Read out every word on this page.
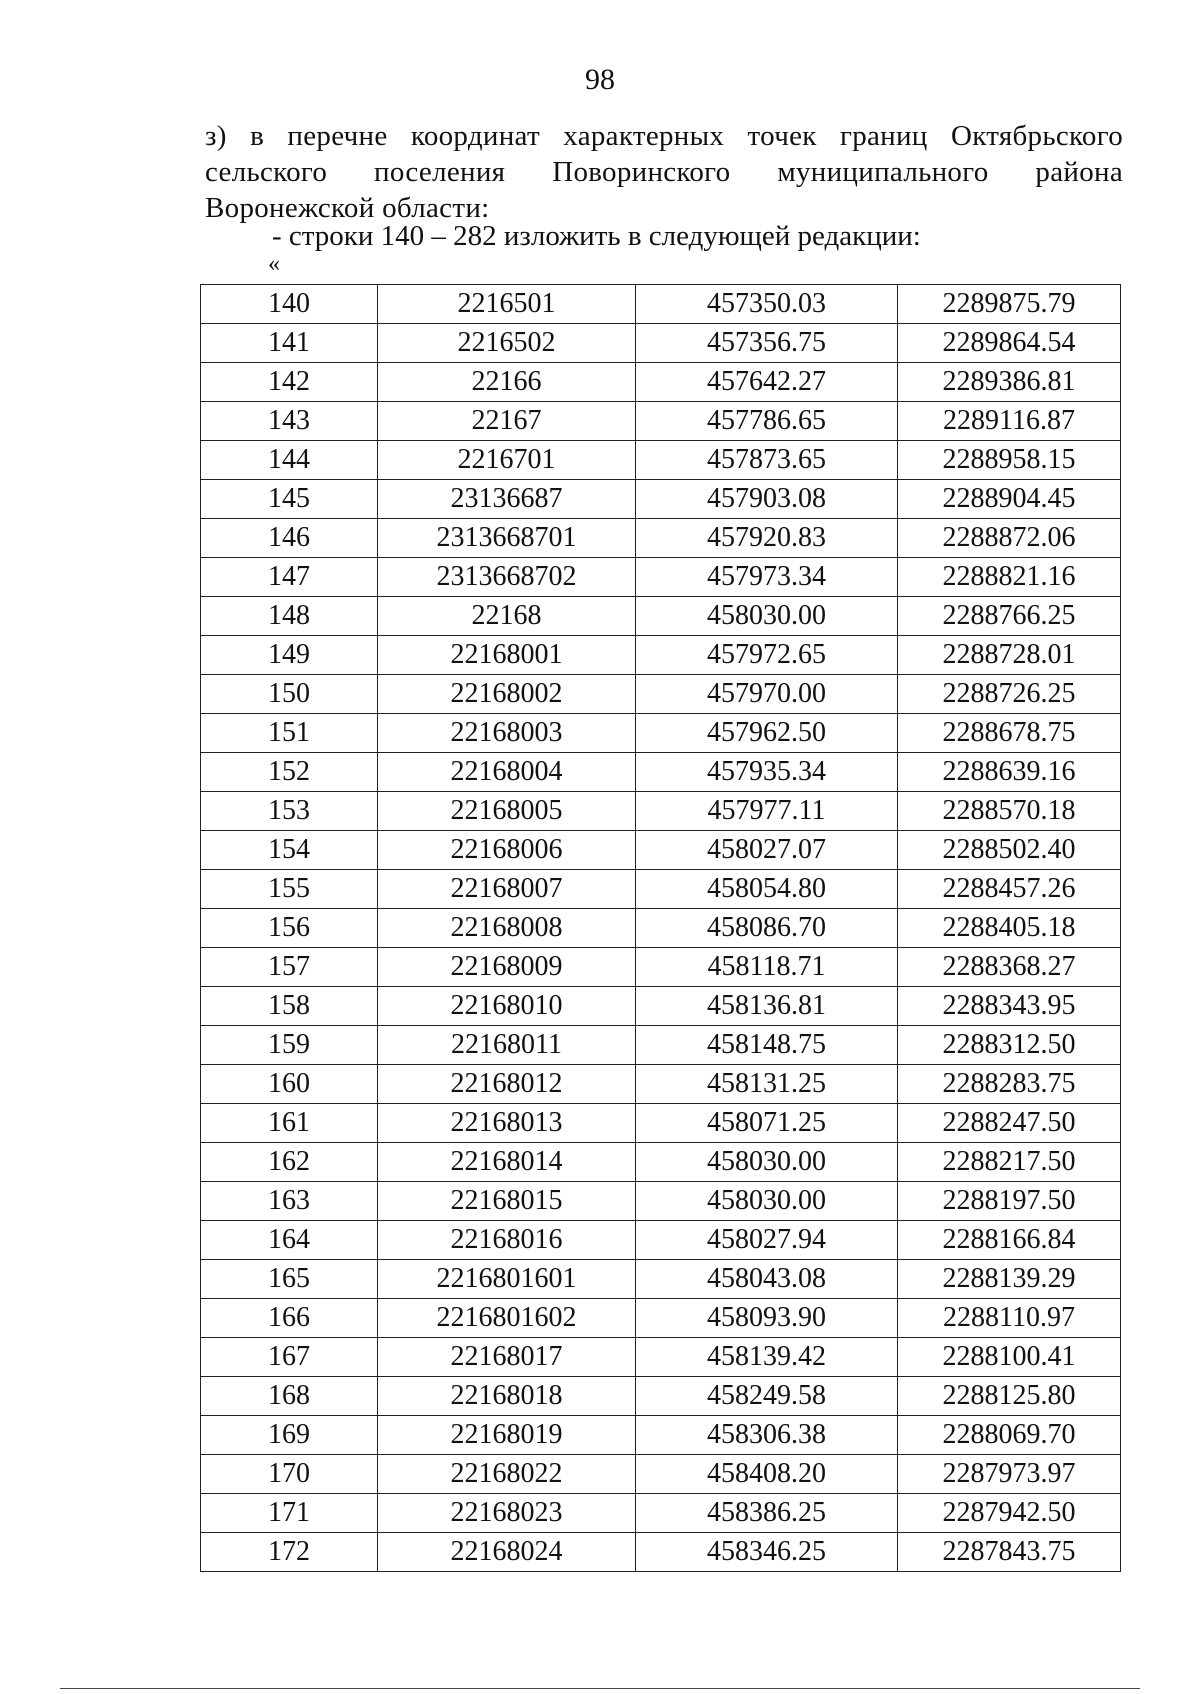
98
з) в перечне координат характерных точек границ Октябрьского сельского поселения Поворинского муниципального района Воронежской области:
- строки 140 – 282 изложить в следующей редакции:
«
140	2216501	457350.03	2289875.79
141	2216502	457356.75	2289864.54
142	22166	457642.27	2289386.81
143	22167	457786.65	2289116.87
144	2216701	457873.65	2288958.15
145	23136687	457903.08	2288904.45
146	2313668701	457920.83	2288872.06
147	2313668702	457973.34	2288821.16
148	22168	458030.00	2288766.25
149	22168001	457972.65	2288728.01
150	22168002	457970.00	2288726.25
151	22168003	457962.50	2288678.75
152	22168004	457935.34	2288639.16
153	22168005	457977.11	2288570.18
154	22168006	458027.07	2288502.40
155	22168007	458054.80	2288457.26
156	22168008	458086.70	2288405.18
157	22168009	458118.71	2288368.27
158	22168010	458136.81	2288343.95
159	22168011	458148.75	2288312.50
160	22168012	458131.25	2288283.75
161	22168013	458071.25	2288247.50
162	22168014	458030.00	2288217.50
163	22168015	458030.00	2288197.50
164	22168016	458027.94	2288166.84
165	2216801601	458043.08	2288139.29
166	2216801602	458093.90	2288110.97
167	22168017	458139.42	2288100.41
168	22168018	458249.58	2288125.80
169	22168019	458306.38	2288069.70
170	22168022	458408.20	2287973.97
171	22168023	458386.25	2287942.50
172	22168024	458346.25	2287843.75
